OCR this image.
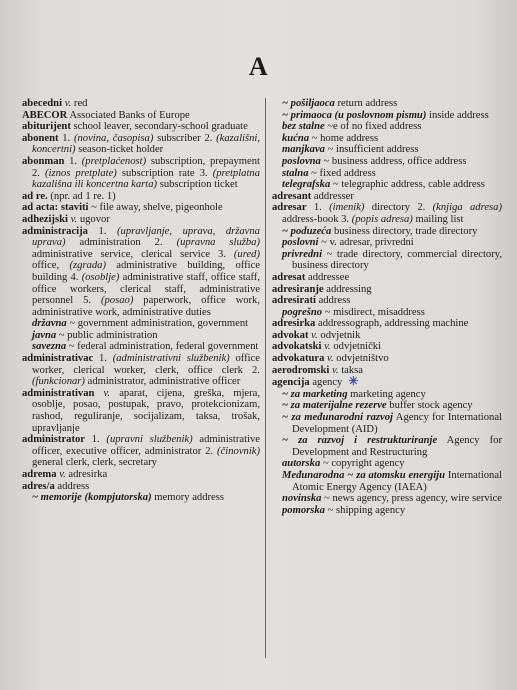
A
abecedni v. red
ABECOR Associated Banks of Europe
abiturijent school leaver, secondary-school graduate
abonent 1. (novina, časopisa) subscriber 2. (kazališni, koncertni) season-ticket holder
abonman 1. (pretplaćenost) subscription, prepayment 2. (iznos pretplate) subscription rate 3. (pretplatna kazališna ili koncertna karta) subscription ticket
ad re. (npr. ad 1 re. 1)
ad acta: staviti ~ file away, shelve, pigeonhole
adhezijski v. ugovor
administracija 1. (upravljanje, uprava, državna uprava) administration 2. (upravna služba) administrative service, clerical service 3. (ured) office, (zgrada) administrative building, office building 4. (osoblje) administrative staff, office staff, office workers, clerical staff, administrative personnel 5. (posao) paperwork, office work, administrative work, administrative duties
državna ~ government administration, government
javna ~ public administration
savezna ~ federal administration, federal government
administrativac 1. (administrativni službenik) office worker, clerical worker, clerk, office clerk 2. (funkcionar) administrator, administrative officer
administrativan v. aparat, cijena, greška, mjera, osoblje, posao, postupak, pravo, protekcionizam, rashod, reguliranje, socijalizam, taksa, trošak, upravljanje
administrator 1. (upravni službenik) administrative officer, executive officer, administrator 2. (činovnik) general clerk, clerk, secretary
adrema v. adresirka
adres/a address
~ memorije (kompjutorska) memory address
~ pošiljaoca return address
~ primaoca (u poslovnom pismu) inside address
bez stalne ~e of no fixed address
kućna ~ home address
manjkava ~ insufficient address
poslovna ~ business address, office address
stalna ~ fixed address
telegrafska ~ telegraphic address, cable address
adresant addresser
adresar 1. (imenik) directory 2. (knjiga adresa) address-book 3. (popis adresa) mailing list
~ poduzeća business directory, trade directory
poslovni ~ v. adresar, privredni
privredni ~ trade directory, commercial directory, business directory
adresat addressee
adresiranje addressing
adresirati address
pogrešno ~ misdirect, misaddress
adresirka addressograph, addressing machine
advokat v. odvjetnik
advokatski v. odvjetnički
advokatura v. odvjetništvo
aerodromski v. taksa
agencija agency ✳
~ za marketing marketing agency
~ za materijalne rezerve buffer stock agency
~ za međunarodni razvoj Agency for International Development (AID)
~ za razvoj i restrukturiranje Agency for Development and Restructuring
autorska ~ copyright agency
Međunarodna ~ za atomsku energiju International Atomic Energy Agency (IAEA)
novinska ~ news agency, press agency, wire service
pomorska ~ shipping agency
